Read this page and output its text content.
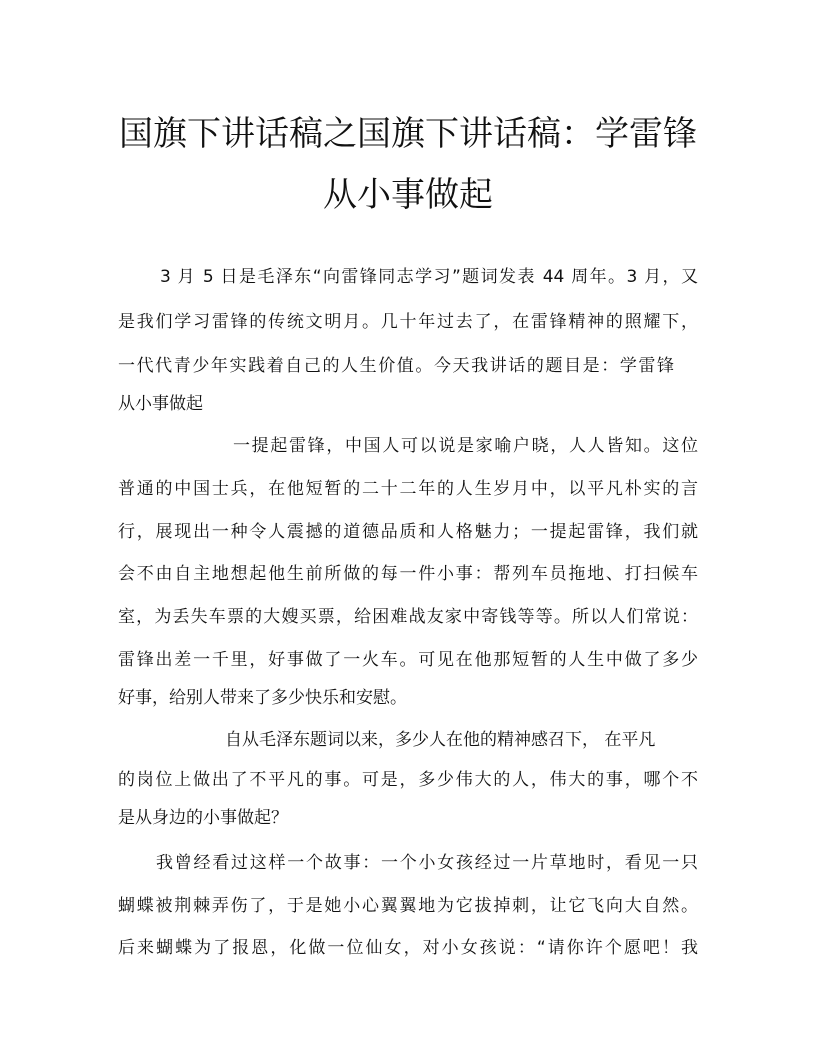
国旗下讲话稿之国旗下讲话稿：学雷锋
从小事做起
3 月 5 日是毛泽东“向雷锋同志学习”题词发表 44 周年。3 月，又
是我们学习雷锋的传统文明月。几十年过去了，在雷锋精神的照耀下，
一代代青少年实践着自己的人生价值。今天我讲话的题目是：学雷锋
从小事做起
一提起雷锋，中国人可以说是家喻户晓，人人皆知。这位
普通的中国士兵，在他短暂的二十二年的人生岁月中，以平凡朴实的言
行，展现出一种令人震撼的道德品质和人格魅力；一提起雷锋，我们就
会不由自主地想起他生前所做的每一件小事：帮列车员拖地、打扫候车
室，为丢失车票的大嫂买票，给困难战友家中寄钱等等。所以人们常说：
雷锋出差一千里，好事做了一火车。可见在他那短暂的人生中做了多少
好事，给别人带来了多少快乐和安慰。
自从毛泽东题词以来，多少人在他的精神感召下， 在平凡
的岗位上做出了不平凡的事。可是，多少伟大的人，伟大的事，哪个不
是从身边的小事做起？
我曾经看过这样一个故事：一个小女孩经过一片草地时，看见一只
蝴蝶被荆棘弄伤了，于是她小心翼翼地为它拔掉刺，让它飞向大自然。
后来蝴蝶为了报恩，化做一位仙女，对小女孩说：“请你许个愿吧！我
